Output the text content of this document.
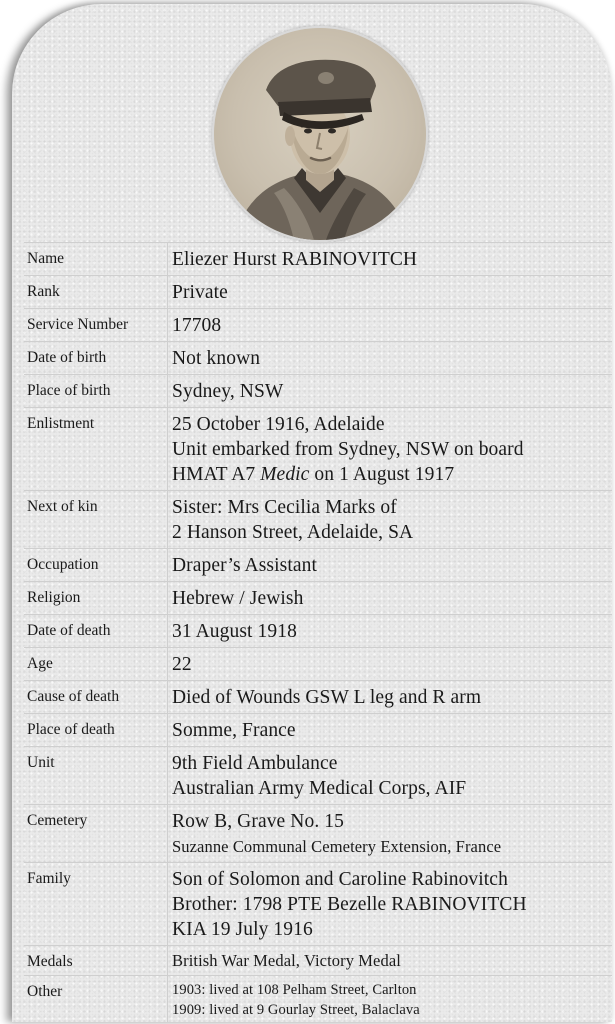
Name	Eliezer Hurst RABINOVITCH
Rank	Private
Service Number	17708
Date of birth	Not known
Place of birth	Sydney, NSW
Enlistment	25 October 1916, Adelaide
Unit embarked from Sydney, NSW on board
HMAT A7 Medic on 1 August 1917

Next of kin	Sister: Mrs Cecilia Marks of
2 Hanson Street, Adelaide, SA

Occupation	Draper’s Assistant
Religion	Hebrew / Jewish
Date of death	31 August 1918
Age	22
Cause of death	Died of Wounds GSW L leg and R arm
Place of death	Somme, France
Unit	9th Field Ambulance
Australian Army Medical Corps, AIF

Cemetery	Row B, Grave No. 15
Suzanne Communal Cemetery Extension, France

Family	Son of Solomon and Caroline Rabinovitch
Brother: 1798 PTE Bezelle RABINOVITCH
KIA 19 July 1916

Medals	British War Medal, Victory Medal
Other	1903: lived at 108 Pelham Street, Carlton
1909: lived at 9 Gourlay Street, Balaclava
